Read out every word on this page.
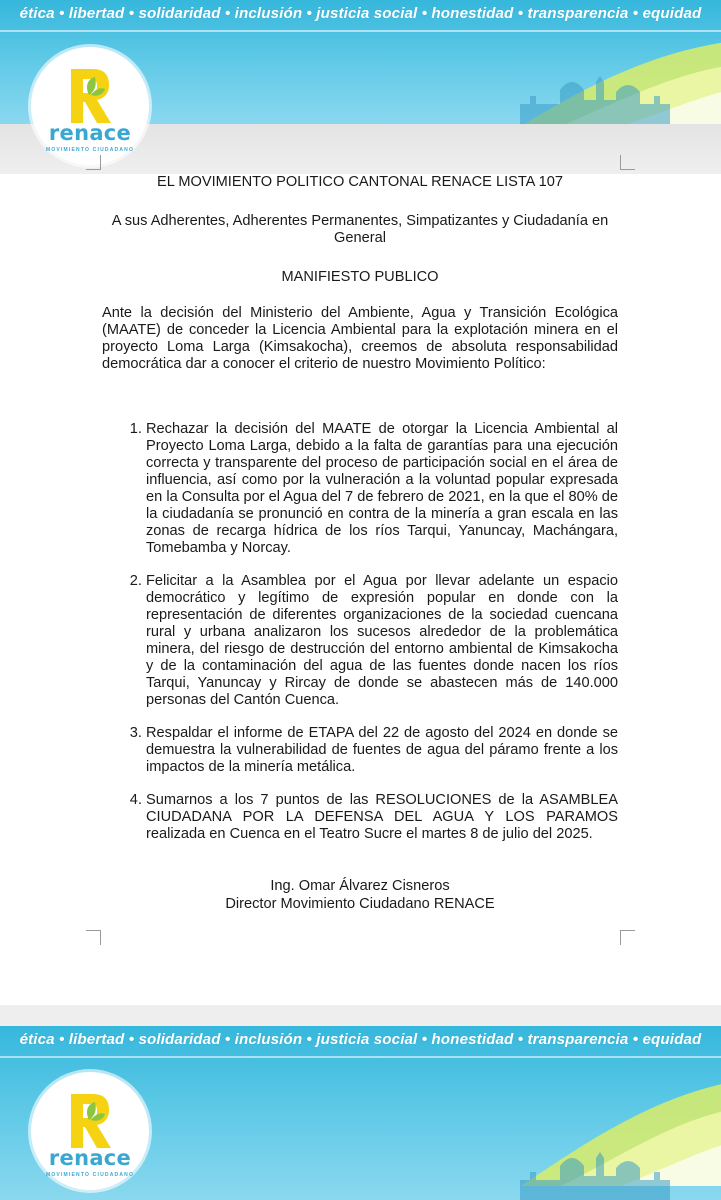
ética • libertad • solidaridad • inclusión • justicia social • honestidad • transparencia • equidad
renace
MOVIMIENTO CIUDADANO

EL MOVIMIENTO POLITICO CANTONAL RENACE LISTA 107

A sus Adherentes, Adherentes Permanentes, Simpatizantes y Ciudadanía en General

MANIFIESTO PUBLICO

Ante la decisión del Ministerio del Ambiente, Agua y Transición Ecológica (MAATE) de conceder la Licencia Ambiental para la explotación minera en el proyecto Loma Larga (Kimsakocha), creemos de absoluta responsabilidad democrática dar a conocer el criterio de nuestro Movimiento Político:

1. Rechazar la decisión del MAATE de otorgar la Licencia Ambiental al Proyecto Loma Larga, debido a la falta de garantías para una ejecución correcta y transparente del proceso de participación social en el área de influencia, así como por la vulneración a la voluntad popular expresada en la Consulta por el Agua del 7 de febrero de 2021, en la que el 80% de la ciudadanía se pronunció en contra de la minería a gran escala en las zonas de recarga hídrica de los ríos Tarqui, Yanuncay, Machángara, Tomebamba y Norcay.
2. Felicitar a la Asamblea por el Agua por llevar adelante un espacio democrático y legítimo de expresión popular en donde con la representación de diferentes organizaciones de la sociedad cuencana rural y urbana analizaron los sucesos alrededor de la problemática minera, del riesgo de destrucción del entorno ambiental de Kimsakocha y de la contaminación del agua de las fuentes donde nacen los ríos Tarqui, Yanuncay y Rircay de donde se abastecen más de 140.000 personas del Cantón Cuenca.
3. Respaldar el informe de ETAPA del 22 de agosto del 2024 en donde se demuestra la vulnerabilidad de fuentes de agua del páramo frente a los impactos de la minería metálica.
4. Sumarnos a los 7 puntos de las RESOLUCIONES de la ASAMBLEA CIUDADANA POR LA DEFENSA DEL AGUA Y LOS PARAMOS realizada en Cuenca en el Teatro Sucre el martes 8 de julio del 2025.
Ing. Omar Álvarez Cisneros
Director Movimiento Ciudadano RENACE
ética • libertad • solidaridad • inclusión • justicia social • honestidad • transparencia • equidad
renace
MOVIMIENTO CIUDADANO
